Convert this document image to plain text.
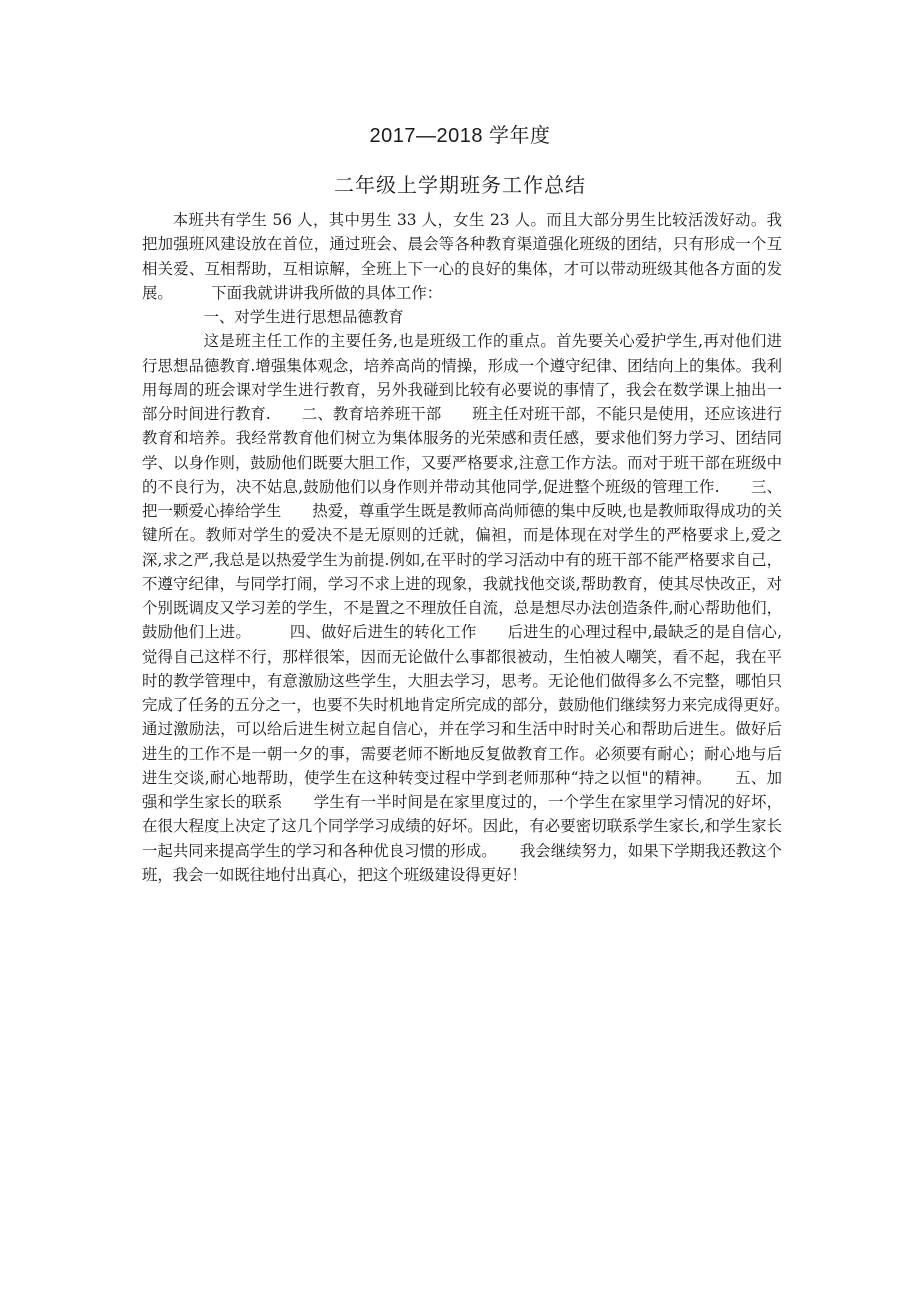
2017—2018 学年度
二年级上学期班务工作总结

本班共有学生 56 人，其中男生 33 人，女生 23 人。而且大部分男生比较活泼好动。我把加强班风建设放在首位，通过班会、晨会等各种教育渠道强化班级的团结，只有形成一个互相关爱、互相帮助，互相谅解，全班上下一心的良好的集体，才可以带动班级其他各方面的发展。　　　下面我就讲讲我所做的具体工作：

一、对学生进行思想品德教育

这是班主任工作的主要任务,也是班级工作的重点。首先要关心爱护学生,再对他们进行思想品德教育.增强集体观念，培养高尚的情操，形成一个遵守纪律、团结向上的集体。我利用每周的班会课对学生进行教育，另外我碰到比较有必要说的事情了，我会在数学课上抽出一部分时间进行教育.　　二、教育培养班干部　　班主任对班干部，不能只是使用，还应该进行教育和培养。我经常教育他们树立为集体服务的光荣感和责任感，要求他们努力学习、团结同学、以身作则，鼓励他们既要大胆工作，又要严格要求,注意工作方法。而对于班干部在班级中的不良行为，决不姑息,鼓励他们以身作则并带动其他同学,促进整个班级的管理工作.　　三、把一颗爱心捧给学生　　热爱，尊重学生既是教师高尚师德的集中反映,也是教师取得成功的关键所在。教师对学生的爱决不是无原则的迁就，偏袒，而是体现在对学生的严格要求上,爱之深,求之严,我总是以热爱学生为前提.例如,在平时的学习活动中有的班干部不能严格要求自己，不遵守纪律，与同学打闹，学习不求上进的现象，我就找他交谈,帮助教育，使其尽快改正，对个别既调皮又学习差的学生，不是置之不理放任自流，总是想尽办法创造条件,耐心帮助他们，鼓励他们上进。　　　四、做好后进生的转化工作　　后进生的心理过程中,最缺乏的是自信心,觉得自己这样不行，那样很笨，因而无论做什么事都很被动，生怕被人嘲笑，看不起，我在平时的教学管理中，有意激励这些学生，大胆去学习，思考。无论他们做得多么不完整，哪怕只完成了任务的五分之一，也要不失时机地肯定所完成的部分，鼓励他们继续努力来完成得更好。　　通过激励法，可以给后进生树立起自信心，并在学习和生活中时时关心和帮助后进生。做好后进生的工作不是一朝一夕的事，需要老师不断地反复做教育工作。必须要有耐心；耐心地与后进生交谈,耐心地帮助，使学生在这种转变过程中学到老师那种“持之以恒"的精神。　　五、加强和学生家长的联系　　学生有一半时间是在家里度过的，一个学生在家里学习情况的好坏，在很大程度上决定了这几个同学学习成绩的好坏。因此，有必要密切联系学生家长,和学生家长一起共同来提高学生的学习和各种优良习惯的形成。　　我会继续努力，如果下学期我还教这个班，我会一如既往地付出真心，把这个班级建设得更好！
